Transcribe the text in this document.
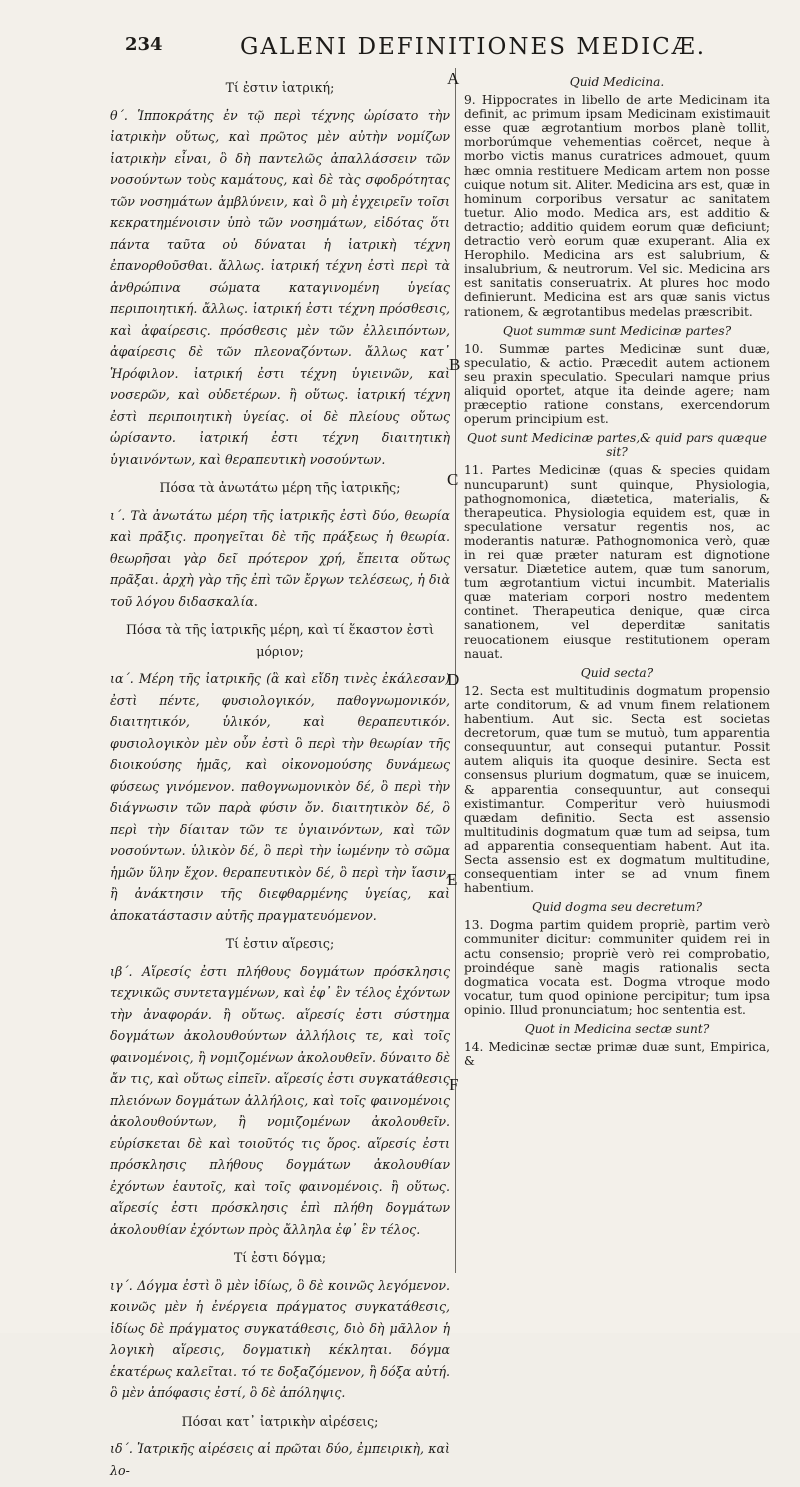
234	GALENI DEFINITIONES MEDICÆ.
A
B
C
D
E
F
Τί ἐστιν ἰατρική;
θ΄. Ἱπποκράτης ἐν τῷ περὶ τέχνης ὡρίσατο τὴν ἰατρικὴν οὕτως, καὶ πρῶτος μὲν αὐτὴν νομίζων ἰατρικὴν εἶναι, ὃ δὴ παντελῶς ἀπαλλάσσειν τῶν νοσούντων τοὺς καμάτους, καὶ δὲ τὰς σφοδρότητας τῶν νοσημάτων ἀμβλύνειν, καὶ ὃ μὴ ἐγχειρεῖν τοῖσι κεκρατημένοισιν ὑπὸ τῶν νοσημάτων, εἰδότας ὅτι πάντα ταῦτα οὐ δύναται ἡ ἰατρικὴ τέχνη ἐπανορθοῦσθαι. ἄλλως. ἰατρική τέχνη ἐστὶ περὶ τὰ ἀνθρώπινα σώματα καταγινομένη ὑγείας περιποιητική. ἄλλως. ἰατρική ἐστι τέχνη πρόσθεσις, καὶ ἀφαίρεσις. πρόσθεσις μὲν τῶν ἐλλειπόντων, ἀφαίρεσις δὲ τῶν πλεοναζόντων. ἄλλως κατ᾽ Ἡρόφιλον. ἰατρική ἐστι τέχνη ὑγιεινῶν, καὶ νοσερῶν, καὶ οὐδετέρων. ἢ οὕτως. ἰατρική τέχνη ἐστὶ περιποιητικὴ ὑγείας. οἱ δὲ πλείους οὕτως ὡρίσαντο. ἰατρική ἐστι τέχνη διαιτητικὴ ὑγιαινόντων, καὶ θεραπευτικὴ νοσούντων.
Πόσα τὰ ἀνωτάτω μέρη τῆς ἰατρικῆς;
ι΄. Τὰ ἀνωτάτω μέρη τῆς ἰατρικῆς ἐστὶ δύο, θεωρία καὶ πρᾶξις. προηγεῖται δὲ τῆς πράξεως ἡ θεωρία. θεωρῆσαι γὰρ δεῖ πρότερον χρή, ἔπειτα οὕτως πρᾶξαι. ἀρχὴ γὰρ τῆς ἐπὶ τῶν ἔργων τελέσεως, ἡ διὰ τοῦ λόγου διδασκαλία.
Πόσα τὰ τῆς ἰατρικῆς μέρη, καὶ τί ἕκαστον ἐστὶ μόριον;
ια΄. Μέρη τῆς ἰατρικῆς (ἃ καὶ εἴδη τινὲς ἐκάλεσαν) ἐστὶ πέντε, φυσιολογικόν, παθογνωμονικόν, διαιτητικόν, ὑλικόν, καὶ θεραπευτικόν. φυσιολογικὸν μὲν οὖν ἐστὶ ὃ περὶ τὴν θεωρίαν τῆς διοικούσης ἡμᾶς, καὶ οἰκονομούσης δυνάμεως φύσεως γινόμενον. παθογνωμονικὸν δέ, ὃ περὶ τὴν διάγνωσιν τῶν παρὰ φύσιν ὄν. διαιτητικὸν δέ, ὃ περὶ τὴν δίαιταν τῶν τε ὑγιαινόντων, καὶ τῶν νοσούντων. ὑλικὸν δέ, ὃ περὶ τὴν ἰωμένην τὸ σῶμα ἡμῶν ὕλην ἔχον. θεραπευτικὸν δέ, ὃ περὶ τὴν ἴασιν, ἢ ἀνάκτησιν τῆς διεφθαρμένης ὑγείας, καὶ ἀποκατάστασιν αὐτῆς πραγματευόμενον.
Τί ἐστιν αἵρεσις;
ιβ΄. Αἵρεσίς ἐστι πλήθους δογμάτων πρόσκλησις τεχνικῶς συντεταγμένων, καὶ ἐφ᾽ ἓν τέλος ἐχόντων τὴν ἀναφοράν. ἢ οὕτως. αἵρεσίς ἐστι σύστημα δογμάτων ἀκολουθούντων ἀλλήλοις τε, καὶ τοῖς φαινομένοις, ἢ νομιζομένων ἀκολουθεῖν. δύναιτο δὲ ἄν τις, καὶ οὕτως εἰπεῖν. αἵρεσίς ἐστι συγκατάθεσις πλειόνων δογμάτων ἀλλήλοις, καὶ τοῖς φαινομένοις ἀκολουθούντων, ἢ νομιζομένων ἀκολουθεῖν. εὑρίσκεται δὲ καὶ τοιοῦτός τις ὅρος. αἵρεσίς ἐστι πρόσκλησις πλήθους δογμάτων ἀκολουθίαν ἐχόντων ἑαυτοῖς, καὶ τοῖς φαινομένοις. ἢ οὕτως. αἵρεσίς ἐστι πρόσκλησις ἐπὶ πλήθη δογμάτων ἀκολουθίαν ἐχόντων πρὸς ἄλληλα ἐφ᾽ ἓν τέλος.
Τί ἐστι δόγμα;
ιγ΄. Δόγμα ἐστὶ ὃ μὲν ἰδίως, ὃ δὲ κοινῶς λεγόμενον. κοινῶς μὲν ἡ ἐνέργεια πράγματος συγκατάθεσις, ἰδίως δὲ πράγματος συγκατάθεσις, διὸ δὴ μᾶλλον ἡ λογικὴ αἵρεσις, δογματικὴ κέκληται. δόγμα ἑκατέρως καλεῖται. τό τε δοξαζόμενον, ἢ δόξα αὐτή. ὃ μὲν ἀπόφασις ἐστί, ὃ δὲ ἀπόληψις.
Πόσαι κατ᾽ ἰατρικὴν αἱρέσεις;
ιδ΄. Ἰατρικῆς αἱρέσεις αἱ πρῶται δύο, ἐμπειρικὴ, καὶ λο-
Quid Medicina.
9. Hippocrates in libello de arte Medicinam ita definit, ac primum ipsam Medicinam existimauit esse quæ ægrotantium morbos planè tollit, morborúmque vehementias coërcet, neque à morbo victis manus curatrices admouet, quum hæc omnia restituere Medicam artem non posse cuique notum sit. Aliter. Medicina ars est, quæ in hominum corporibus versatur ac sanitatem tuetur. Alio modo. Medica ars, est additio & detractio; additio quidem eorum quæ deficiunt; detractio verò eorum quæ exuperant. Alia ex Herophilo. Medicina ars est salubrium, & insalubrium, & neutrorum. Vel sic. Medicina ars est sanitatis conseruatrix. At plures hoc modo definierunt. Medicina est ars quæ sanis victus rationem, & ægrotantibus medelas præscribit.
Quot summæ sunt Medicinæ partes?
10. Summæ partes Medicinæ sunt duæ, speculatio, & actio. Præcedit autem actionem seu praxin speculatio. Speculari namque prius aliquid oportet, atque ita deinde agere; nam præceptio ratione constans, exercendorum operum principium est.
Quot sunt Medicinæ partes,& quid pars quæque sit?
11. Partes Medicinæ (quas & species quidam nuncuparunt) sunt quinque, Physiologia, pathognomonica, diætetica, materialis, & therapeutica. Physiologia equidem est, quæ in speculatione versatur regentis nos, ac moderantis naturæ. Pathognomonica verò, quæ in rei quæ præter naturam est dignotione versatur. Diætetice autem, quæ tum sanorum, tum ægrotantium victui incumbit. Materialis quæ materiam corpori nostro medentem continet. Therapeutica denique, quæ circa sanationem, vel deperditæ sanitatis reuocationem eiusque restitutionem operam nauat.
Quid secta?
12. Secta est multitudinis dogmatum propensio arte conditorum, & ad vnum finem relationem habentium. Aut sic. Secta est societas decretorum, quæ tum se mutuò, tum apparentia consequuntur, aut consequi putantur. Possit autem aliquis ita quoque desinire. Secta est consensus plurium dogmatum, quæ se inuicem, & apparentia consequuntur, aut consequi existimantur. Comperitur verò huiusmodi quædam definitio. Secta est assensio multitudinis dogmatum quæ tum ad seipsa, tum ad apparentia consequentiam habent. Aut ita. Secta assensio est ex dogmatum multitudine, consequentiam inter se ad vnum finem habentium.
Quid dogma seu decretum?
13. Dogma partim quidem propriè, partim verò communiter dicitur: communiter quidem rei in actu consensio; propriè verò rei comprobatio, proindéque sanè magis rationalis secta dogmatica vocata est. Dogma vtroque modo vocatur, tum quod opinione percipitur; tum ipsa opinio. Illud pronunciatum; hoc sententia est.
Quot in Medicina sectæ sunt?
14. Medicinæ sectæ primæ duæ sunt, Empirica, &
